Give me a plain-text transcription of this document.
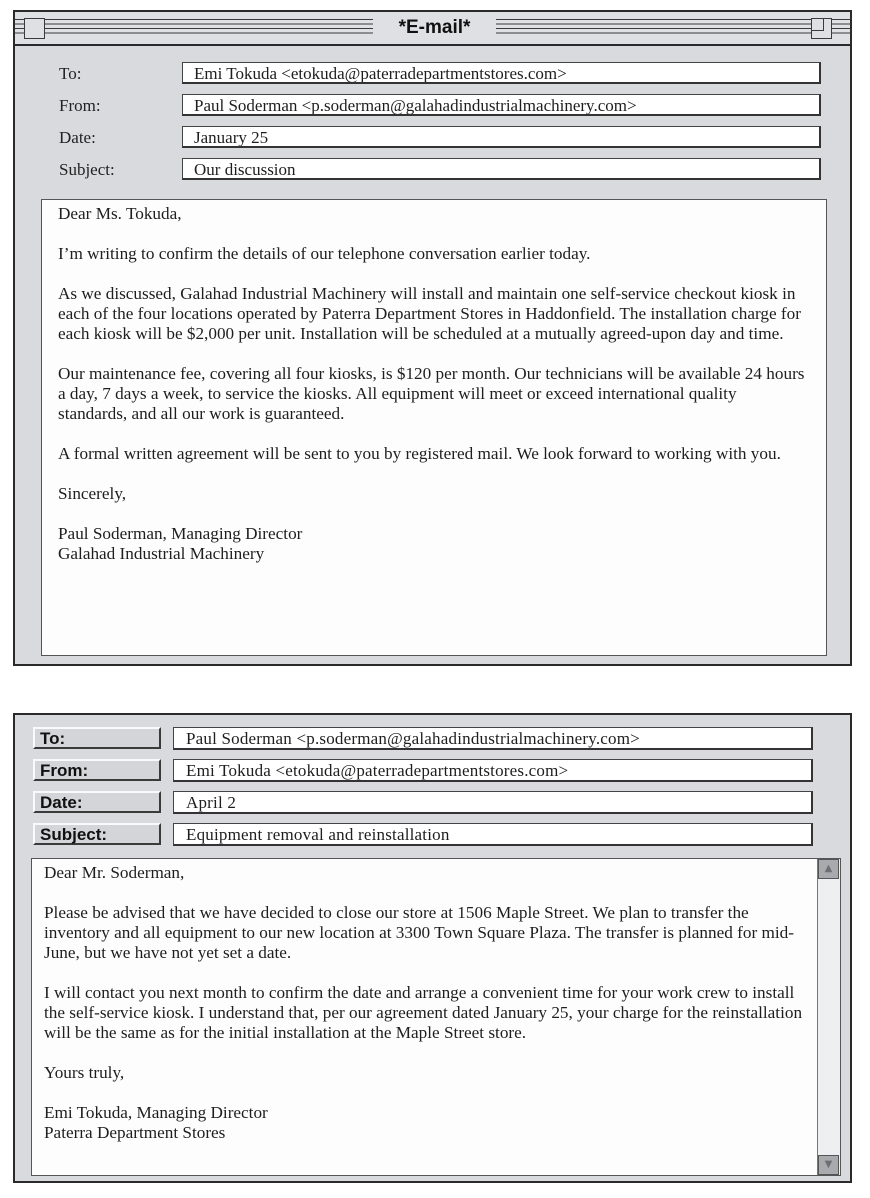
*E-mail*
To:	Emi Tokuda <etokuda@paterradepartmentstores.com>
From:	Paul Soderman <p.soderman@galahadindustrialmachinery.com>
Date:	January 25
Subject:	Our discussion

Dear Ms. Tokuda,

I’m writing to confirm the details of our telephone conversation earlier today.

As we discussed, Galahad Industrial Machinery will install and maintain one self-service checkout kiosk in each of the four locations operated by Paterra Department Stores in Haddonfield. The installation charge for each kiosk will be $2,000 per unit. Installation will be scheduled at a mutually agreed-upon day and time.

Our maintenance fee, covering all four kiosks, is $120 per month. Our technicians will be available 24 hours a day, 7 days a week, to service the kiosks. All equipment will meet or exceed international quality standards, and all our work is guaranteed.

A formal written agreement will be sent to you by registered mail. We look forward to working with you.

Sincerely,

Paul Soderman, Managing Director

Galahad Industrial Machinery

To:	Paul Soderman <p.soderman@galahadindustrialmachinery.com>
From:	Emi Tokuda <etokuda@paterradepartmentstores.com>
Date:	April 2
Subject:	Equipment removal and reinstallation

Dear Mr. Soderman,

Please be advised that we have decided to close our store at 1506 Maple Street. We plan to transfer the inventory and all equipment to our new location at 3300 Town Square Plaza. The transfer is planned for mid-June, but we have not yet set a date.

I will contact you next month to confirm the date and arrange a convenient time for your work crew to install the self-service kiosk. I understand that, per our agreement dated January 25, your charge for the reinstallation will be the same as for the initial installation at the Maple Street store.

Yours truly,

Emi Tokuda, Managing Director

Paterra Department Stores

▲
▼
